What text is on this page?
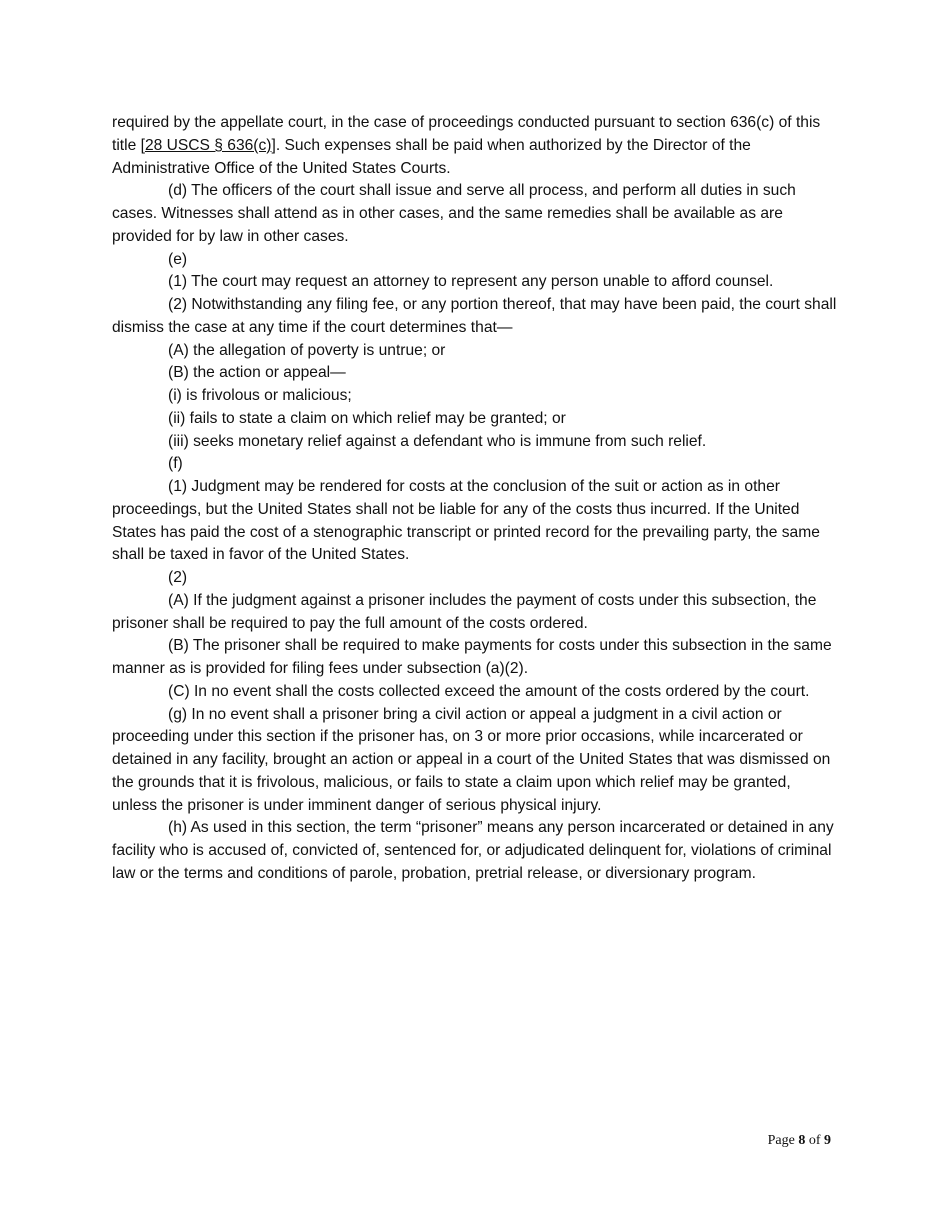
required by the appellate court, in the case of proceedings conducted pursuant to section 636(c) of this title [28 USCS § 636(c)]. Such expenses shall be paid when authorized by the Director of the Administrative Office of the United States Courts.

(d) The officers of the court shall issue and serve all process, and perform all duties in such cases. Witnesses shall attend as in other cases, and the same remedies shall be available as are provided for by law in other cases.

(e)

(1) The court may request an attorney to represent any person unable to afford counsel.

(2) Notwithstanding any filing fee, or any portion thereof, that may have been paid, the court shall dismiss the case at any time if the court determines that—

(A) the allegation of poverty is untrue; or

(B) the action or appeal—

(i) is frivolous or malicious;

(ii) fails to state a claim on which relief may be granted; or

(iii) seeks monetary relief against a defendant who is immune from such relief.

(f)

(1) Judgment may be rendered for costs at the conclusion of the suit or action as in other proceedings, but the United States shall not be liable for any of the costs thus incurred. If the United States has paid the cost of a stenographic transcript or printed record for the prevailing party, the same shall be taxed in favor of the United States.

(2)

(A) If the judgment against a prisoner includes the payment of costs under this subsection, the prisoner shall be required to pay the full amount of the costs ordered.

(B) The prisoner shall be required to make payments for costs under this subsection in the same manner as is provided for filing fees under subsection (a)(2).

(C) In no event shall the costs collected exceed the amount of the costs ordered by the court.

(g) In no event shall a prisoner bring a civil action or appeal a judgment in a civil action or proceeding under this section if the prisoner has, on 3 or more prior occasions, while incarcerated or detained in any facility, brought an action or appeal in a court of the United States that was dismissed on the grounds that it is frivolous, malicious, or fails to state a claim upon which relief may be granted, unless the prisoner is under imminent danger of serious physical injury.

(h) As used in this section, the term “prisoner” means any person incarcerated or detained in any facility who is accused of, convicted of, sentenced for, or adjudicated delinquent for, violations of criminal law or the terms and conditions of parole, probation, pretrial release, or diversionary program.

Page 8 of 9
